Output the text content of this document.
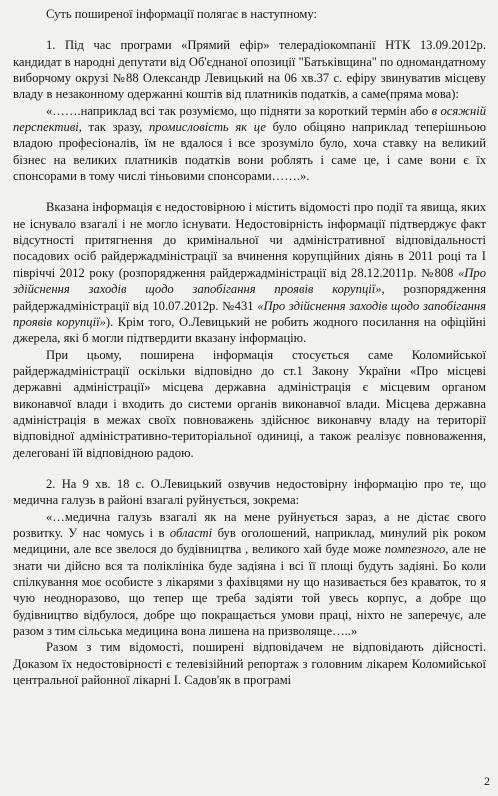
Суть поширеної інформації полягає в наступному:

1. Під час програми «Прямий ефір» телерадіокомпанії НТК 13.09.2012р. кандидат в народні депутати від Об'єднаної опозиції "Батьківщина" по одномандатному виборчому окрузі №88 Олександр Левицький на 06 хв.37 с. ефіру звинуватив місцеву владу в незаконному одержанні коштів від платників податків, а саме(пряма мова):

«…….наприклад всі так розуміємо, що підняти за короткий термін або в осяжній перспективі, так зразу, промисловість як це було обіцяно наприклад теперішньою владою професіоналів, їм не вдалося і все зрозуміло було, хоча ставку на великий бізнес на великих платників податків вони роблять і саме це, і саме вони є їх спонсорами в тому числі тіньовими спонсорами…….».

Вказана інформація є недостовірною і містить відомості про події та явища, яких не існувало взагалі і не могло існувати. Недостовірність інформації підтверджує факт відсутності притягнення до кримінальної чи адміністративної відповідальності посадових осіб райдержадміністрації за вчинення корупційних діянь в 2011 році та І півріччі 2012 року (розпорядження райдержадміністрації від 28.12.2011р. №808 «Про здійснення заходів щодо запобігання проявів корупції», розпорядження райдержадміністрації від 10.07.2012р. №431 «Про здійснення заходів щодо запобігання проявів корупції»). Крім того, О.Левицький не робить жодного посилання на офіційні джерела, які б могли підтвердити вказану інформацію.

При цьому, поширена інформація стосується саме Коломийської райдержадміністрації оскільки відповідно до ст.1 Закону України «Про місцеві державні адміністрації» місцева державна адміністрація є місцевим органом виконавчої влади і входить до системи органів виконавчої влади. Місцева державна адміністрація в межах своїх повноважень здійснює виконавчу владу на території відповідної адміністративно-територіальної одиниці, а також реалізує повноваження, делеговані їй відповідною радою.

2. На 9 хв. 18 с. О.Левицький озвучив недостовірну інформацію про те, що медична галузь в районі взагалі руйнується, зокрема:

«…медична галузь взагалі як на мене руйнується зараз, а не дістає свого розвитку. У нас чомусь і в області був оголошений, наприклад, минулий рік роком медицини, але все звелося до будівництва , великого хай буде може помпезного, але не знати чи дійсно вся та поліклініка буде задіяна і всі її площі будуть задіяні. Бо коли спілкування моє особисте з лікарями з фахівцями ну що називається без краваток, то я чую неодноразово, що тепер ще треба задіяти той увесь корпус, а добре що будівництво відбулося, добре що покращається умови праці, ніхто не заперечує, але разом з тим сільська медицина вона лишена на призволяще…..»

Разом з тим відомості, поширені відповідачем не відповідають дійсності. Доказом їх недостовірності є телевізійний репортаж з головним лікарем Коломийської центральної районної лікарні І. Садов'як в програмі

2
